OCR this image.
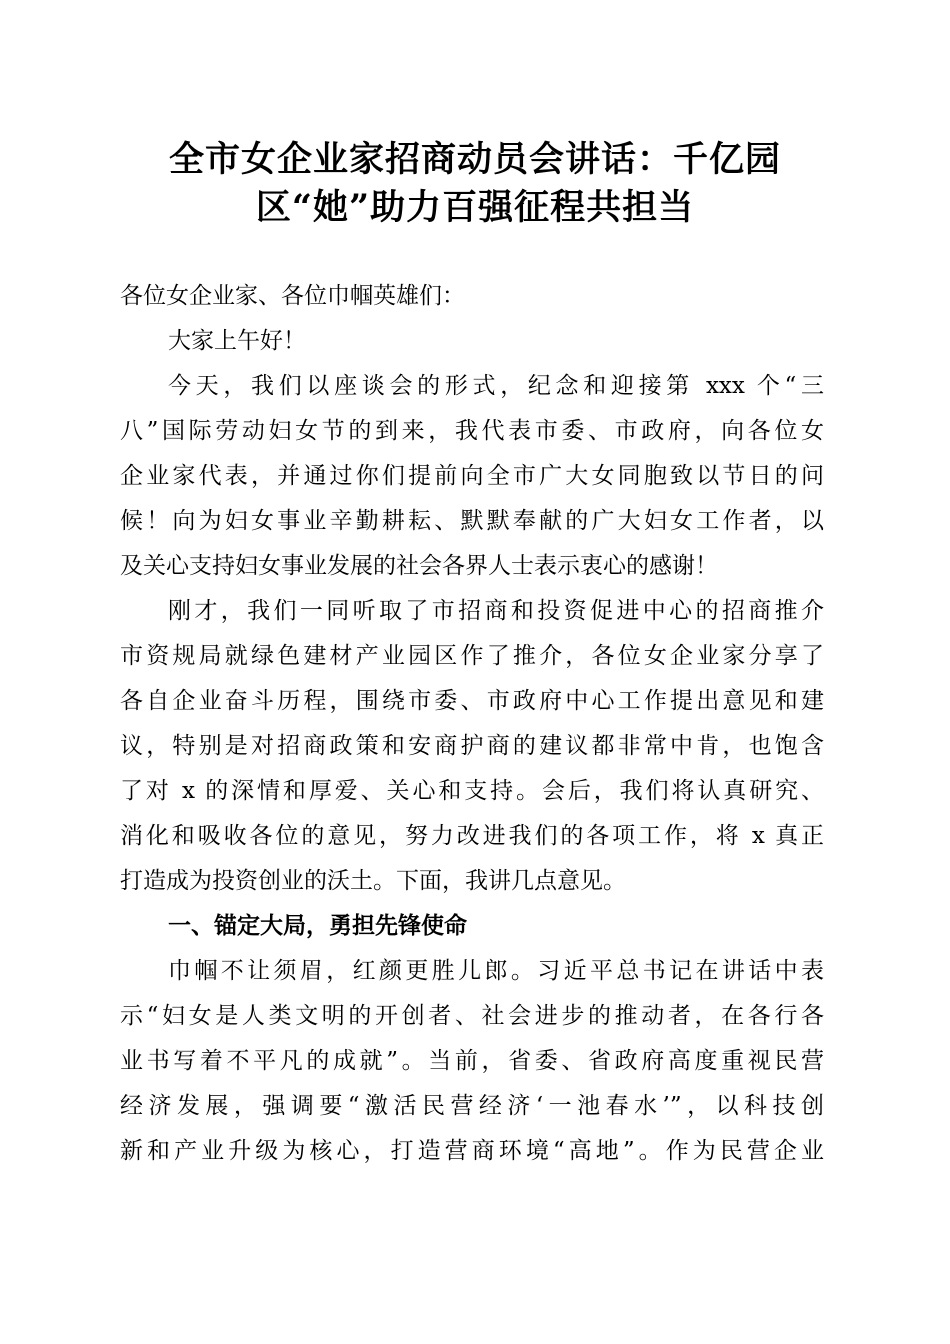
全市女企业家招商动员会讲话：千亿园
区“她”助力百强征程共担当
各位女企业家、各位巾帼英雄们：
大家上午好！
今天，我们以座谈会的形式，纪念和迎接第 xxx 个“三
八”国际劳动妇女节的到来，我代表市委、市政府，向各位女
企业家代表，并通过你们提前向全市广大女同胞致以节日的问
候！向为妇女事业辛勤耕耘、默默奉献的广大妇女工作者，以
及关心支持妇女事业发展的社会各界人士表示衷心的感谢！
刚才，我们一同听取了市招商和投资促进中心的招商推介
市资规局就绿色建材产业园区作了推介，各位女企业家分享了
各自企业奋斗历程，围绕市委、市政府中心工作提出意见和建
议，特别是对招商政策和安商护商的建议都非常中肯，也饱含
了对 x 的深情和厚爱、关心和支持。会后，我们将认真研究、
消化和吸收各位的意见，努力改进我们的各项工作，将 x 真正
打造成为投资创业的沃土。下面，我讲几点意见。
一、锚定大局，勇担先锋使命
巾帼不让须眉，红颜更胜儿郎。习近平总书记在讲话中表
示“妇女是人类文明的开创者、社会进步的推动者，在各行各
业书写着不平凡的成就”。当前，省委、省政府高度重视民营
经济发展，强调要“激活民营经济‘一池春水’”，以科技创
新和产业升级为核心，打造营商环境“高地”。作为民营企业
